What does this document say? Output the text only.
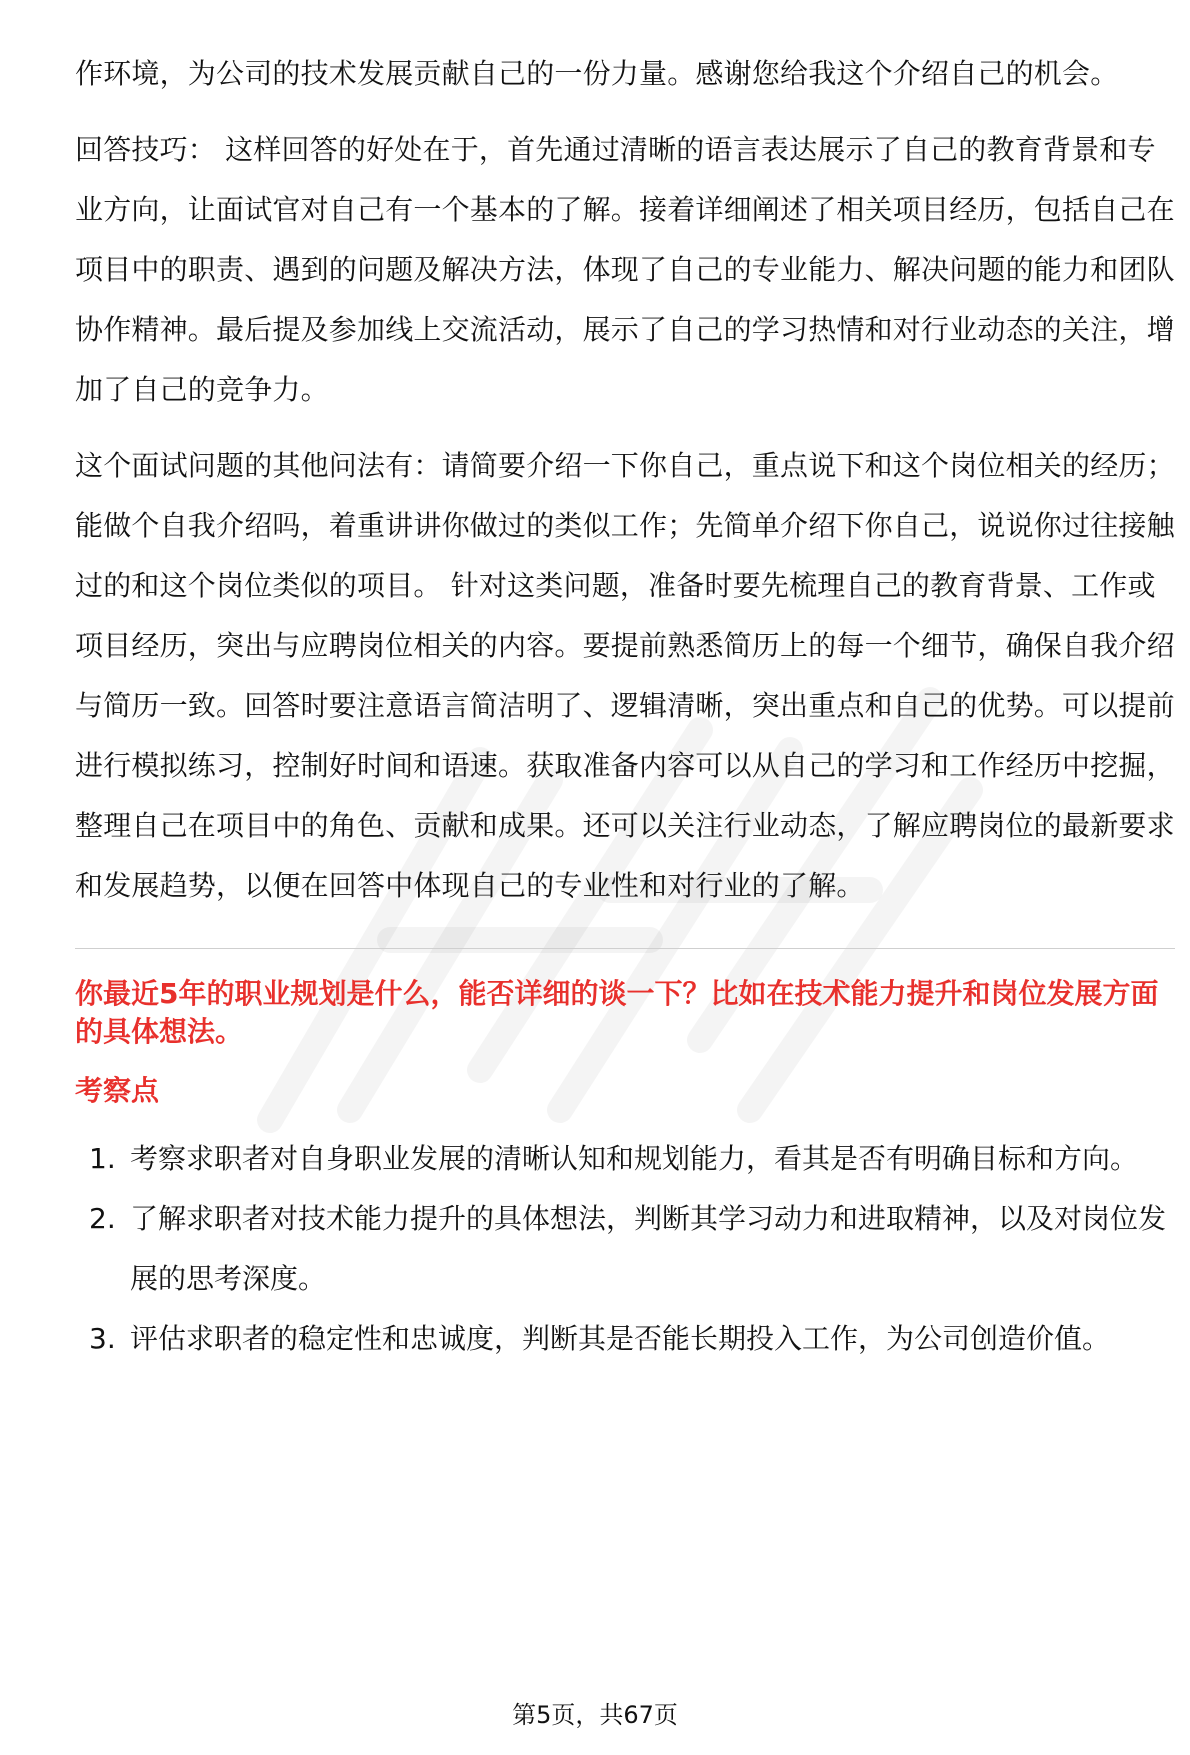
作环境，为公司的技术发展贡献自己的一份力量。感谢您给我这个介绍自己的机会。

回答技巧： 这样回答的好处在于，首先通过清晰的语言表达展示了自己的教育背景和专业方向，让面试官对自己有一个基本的了解。接着详细阐述了相关项目经历，包括自己在项目中的职责、遇到的问题及解决方法，体现了自己的专业能力、解决问题的能力和团队协作精神。最后提及参加线上交流活动，展示了自己的学习热情和对行业动态的关注，增加了自己的竞争力。

这个面试问题的其他问法有：请简要介绍一下你自己，重点说下和这个岗位相关的经历；能做个自我介绍吗，着重讲讲你做过的类似工作；先简单介绍下你自己，说说你过往接触过的和这个岗位类似的项目。 针对这类问题，准备时要先梳理自己的教育背景、工作或项目经历，突出与应聘岗位相关的内容。要提前熟悉简历上的每一个细节，确保自我介绍与简历一致。回答时要注意语言简洁明了、逻辑清晰，突出重点和自己的优势。可以提前进行模拟练习，控制好时间和语速。获取准备内容可以从自己的学习和工作经历中挖掘，整理自己在项目中的角色、贡献和成果。还可以关注行业动态，了解应聘岗位的最新要求和发展趋势，以便在回答中体现自己的专业性和对行业的了解。

你最近5年的职业规划是什么，能否详细的谈一下？比如在技术能力提升和岗位发展方面的具体想法。

考察点
1. 考察求职者对自身职业发展的清晰认知和规划能力，看其是否有明确目标和方向。
2. 了解求职者对技术能力提升的具体想法，判断其学习动力和进取精神，以及对岗位发展的思考深度。
3. 评估求职者的稳定性和忠诚度，判断其是否能长期投入工作，为公司创造价值。
第5页，共67页
